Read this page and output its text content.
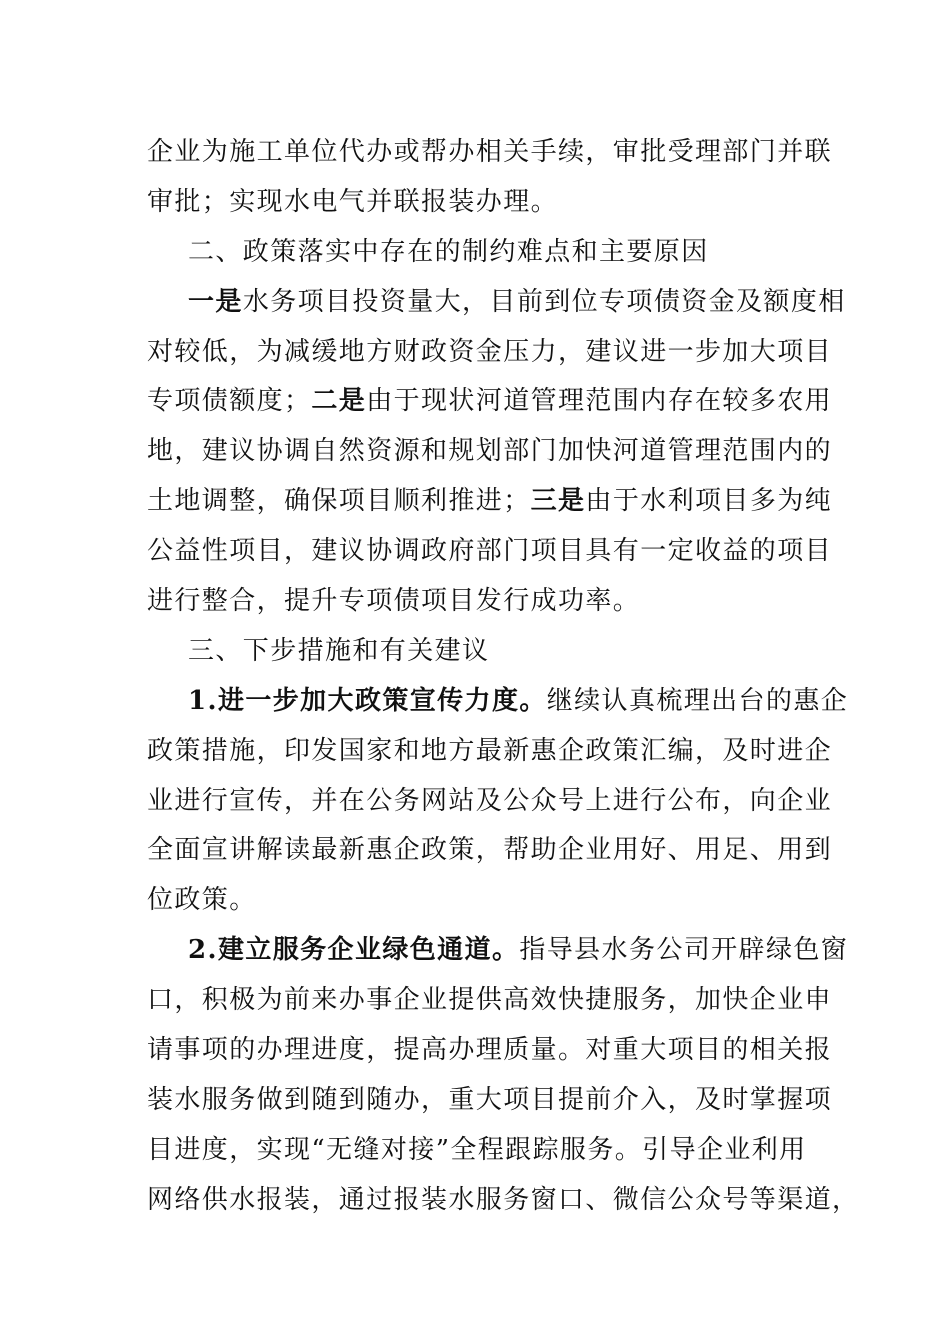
企业为施工单位代办或帮办相关手续，审批受理部门并联
审批；实现水电气并联报装办理。
二、政策落实中存在的制约难点和主要原因
一是水务项目投资量大，目前到位专项债资金及额度相
对较低，为减缓地方财政资金压力，建议进一步加大项目
专项债额度；二是由于现状河道管理范围内存在较多农用
地，建议协调自然资源和规划部门加快河道管理范围内的
土地调整，确保项目顺利推进；三是由于水利项目多为纯
公益性项目，建议协调政府部门项目具有一定收益的项目
进行整合，提升专项债项目发行成功率。
三、下步措施和有关建议
1.进一步加大政策宣传力度。继续认真梳理出台的惠企
政策措施，印发国家和地方最新惠企政策汇编，及时进企
业进行宣传，并在公务网站及公众号上进行公布，向企业
全面宣讲解读最新惠企政策，帮助企业用好、用足、用到
位政策。
2.建立服务企业绿色通道。指导县水务公司开辟绿色窗
口，积极为前来办事企业提供高效快捷服务，加快企业申
请事项的办理进度，提高办理质量。对重大项目的相关报
装水服务做到随到随办，重大项目提前介入，及时掌握项
目进度，实现“无缝对接”全程跟踪服务。引导企业利用
网络供水报装，通过报装水服务窗口、微信公众号等渠道，
